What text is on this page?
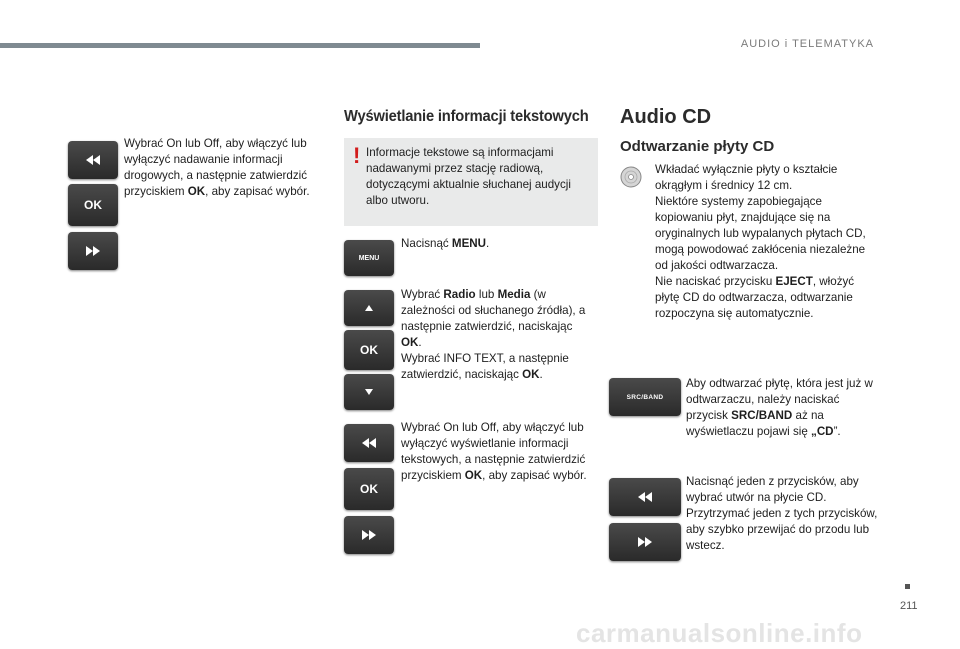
AUDIO i TELEMATYKA
OK
Wybrać On lub Off, aby włączyć lub wyłączyć nadawanie informacji drogowych, a następnie zatwierdzić przyciskiem OK, aby zapisać wybór.
Wyświetlanie informacji tekstowych
! Informacje tekstowe są informacjami nadawanymi przez stację radiową, dotyczącymi aktualnie słuchanej audycji albo utworu.
MENU
Nacisnąć MENU.
OK
Wybrać Radio lub Media (w zależności od słuchanego źródła), a następnie zatwierdzić, naciskając OK.
Wybrać INFO TEXT, a następnie zatwierdzić, naciskając OK.
OK
Wybrać On lub Off, aby włączyć lub wyłączyć wyświetlanie informacji tekstowych, a następnie zatwierdzić przyciskiem OK, aby zapisać wybór.
Audio CD
Odtwarzanie płyty CD
Wkładać wyłącznie płyty o kształcie okrągłym i średnicy 12 cm.
Niektóre systemy zapobiegające kopiowaniu płyt, znajdujące się na oryginalnych lub wypalanych płytach CD, mogą powodować zakłócenia niezależne od jakości odtwarzacza.
Nie naciskać przycisku EJECT, włożyć płytę CD do odtwarzacza, odtwarzanie rozpoczyna się automatycznie.
SRC/BAND
Aby odtwarzać płytę, która jest już w odtwarzaczu, należy naciskać przycisk SRC/BAND aż na wyświetlaczu pojawi się „CD”.
Nacisnąć jeden z przycisków, aby wybrać utwór na płycie CD.
Przytrzymać jeden z tych przycisków, aby szybko przewijać do przodu lub wstecz.
211
carmanualsonline.info
